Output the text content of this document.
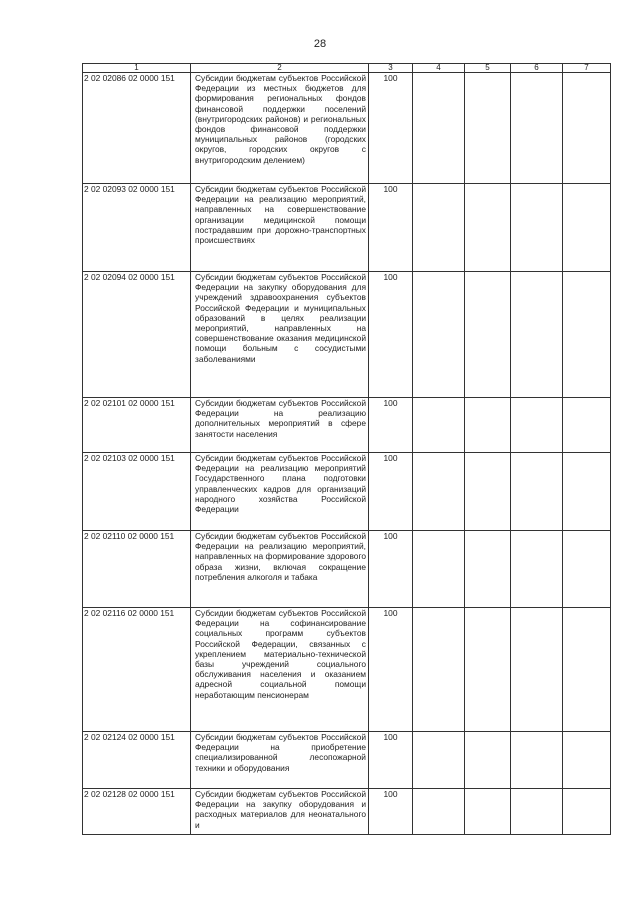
28
1	2	3	4	5	6	7
2 02 02086 02 0000 151	Субсидии бюджетам субъектов Российской Федерации из местных бюджетов для формирования региональных фондов финансовой поддержки поселений (внутригородских районов) и региональных фондов финансовой поддержки муниципальных районов (городских округов, городских округов с внутригородским делением)	100				
2 02 02093 02 0000 151	Субсидии бюджетам субъектов Российской Федерации на реализацию мероприятий, направленных на совершенствование организации медицинской помощи пострадавшим при дорожно-транспортных происшествиях	100				
2 02 02094 02 0000 151	Субсидии бюджетам субъектов Российской Федерации на закупку оборудования для учреждений здравоохранения субъектов Российской Федерации и муниципальных образований в целях реализации мероприятий, направленных на совершенствование оказания медицинской помощи больным с сосудистыми заболеваниями	100				
2 02 02101 02 0000 151	Субсидии бюджетам субъектов Российской Федерации на реализацию дополнительных мероприятий в сфере занятости населения	100				
2 02 02103 02 0000 151	Субсидии бюджетам субъектов Российской Федерации на реализацию мероприятий Государственного плана подготовки управленческих кадров для организаций народного хозяйства Российской Федерации	100				
2 02 02110 02 0000 151	Субсидии бюджетам субъектов Российской Федерации на реализацию мероприятий, направленных на формирование здорового образа жизни, включая сокращение потребления алкоголя и табака	100				
2 02 02116 02 0000 151	Субсидии бюджетам субъектов Российской Федерации на софинансирование социальных программ субъектов Российской Федерации, связанных с укреплением материально-технической базы учреждений социального обслуживания населения и оказанием адресной социальной помощи неработающим пенсионерам	100				
2 02 02124 02 0000 151	Субсидии бюджетам субъектов Российской Федерации на приобретение специализированной лесопожарной техники и оборудования	100				
2 02 02128 02 0000 151	Субсидии бюджетам субъектов Российской Федерации на закупку оборудования и расходных материалов для неонатального и	100				
